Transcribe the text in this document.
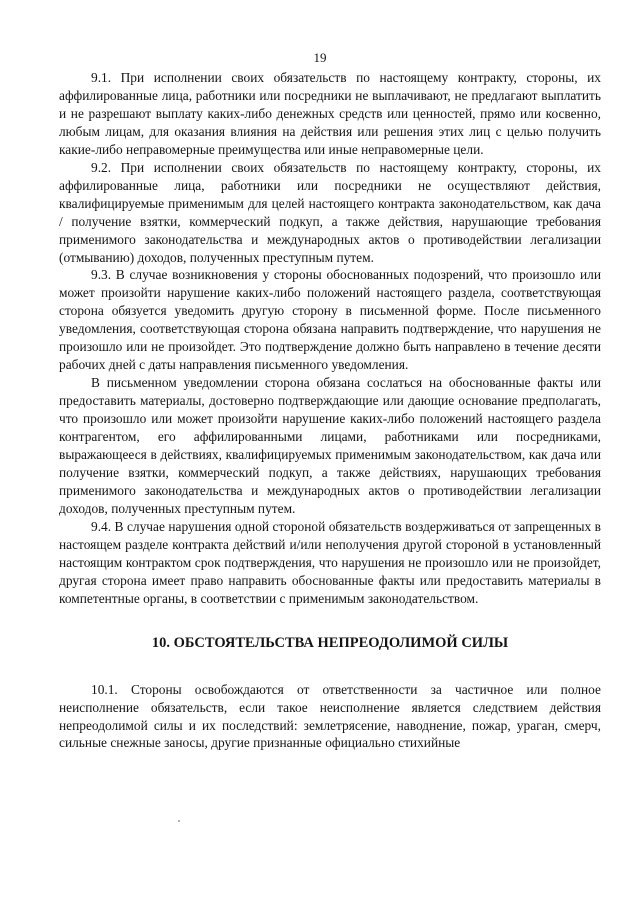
19

9.1. При исполнении своих обязательств по настоящему контракту, стороны, их аффилированные лица, работники или посредники не выплачивают, не предлагают выплатить и не разрешают выплату каких-либо денежных средств или ценностей, прямо или косвенно, любым лицам, для оказания влияния на действия или решения этих лиц с целью получить какие-либо неправомерные преимущества или иные неправомерные цели.

9.2. При исполнении своих обязательств по настоящему контракту, стороны, их аффилированные лица, работники или посредники не осуществляют действия, квалифицируемые применимым для целей настоящего контракта законодательством, как дача / получение взятки, коммерческий подкуп, а также действия, нарушающие требования применимого законодательства и международных актов о противодействии легализации (отмыванию) доходов, полученных преступным путем.

9.3. В случае возникновения у стороны обоснованных подозрений, что произошло или может произойти нарушение каких-либо положений настоящего раздела, соответствующая сторона обязуется уведомить другую сторону в письменной форме. После письменного уведомления, соответствующая сторона обязана направить подтверждение, что нарушения не произошло или не произойдет. Это подтверждение должно быть направлено в течение десяти рабочих дней с даты направления письменного уведомления.

В письменном уведомлении сторона обязана сослаться на обоснованные факты или предоставить материалы, достоверно подтверждающие или дающие основание предполагать, что произошло или может произойти нарушение каких-либо положений настоящего раздела контрагентом, его аффилированными лицами, работниками или посредниками, выражающееся в действиях, квалифицируемых применимым законодательством, как дача или получение взятки, коммерческий подкуп, а также действиях, нарушающих требования применимого законодательства и международных актов о противодействии легализации доходов, полученных преступным путем.

9.4. В случае нарушения одной стороной обязательств воздерживаться от запрещенных в настоящем разделе контракта действий и/или неполучения другой стороной в установленный настоящим контрактом срок подтверждения, что нарушения не произошло или не произойдет, другая сторона имеет право направить обоснованные факты или предоставить материалы в компетентные органы, в соответствии с применимым законодательством.

10. ОБСТОЯТЕЛЬСТВА НЕПРЕОДОЛИМОЙ СИЛЫ

10.1. Стороны освобождаются от ответственности за частичное или полное неисполнение обязательств, если такое неисполнение является следствием действия непреодолимой силы и их последствий: землетрясение, наводнение, пожар, ураган, смерч, сильные снежные заносы, другие признанные официально стихийные
